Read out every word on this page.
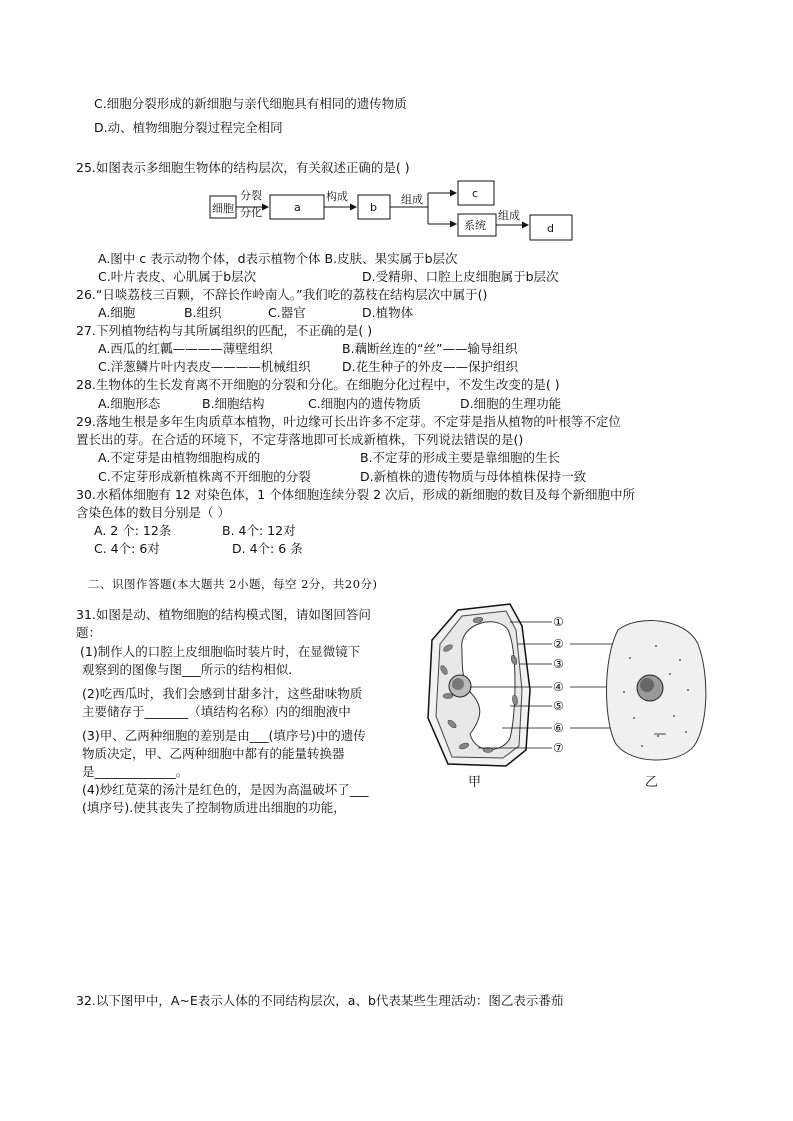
C.细胞分裂形成的新细胞与亲代细胞具有相同的遗传物质
D.动、植物细胞分裂过程完全相同
25.如图表示多细胞生物体的结构层次，有关叙述正确的是( )
细胞
分裂
分化	a
构成
b
组成	c
系统
组成
d
A.图中 c 表示动物个体，d表示植物个体 B.皮肤、果实属于b层次
C.叶片表皮、心肌属于b层次	D.受精卵、口腔上皮细胞属于b层次
26.“日啖荔枝三百颗，不辞长作岭南人。”我们吃的荔枝在结构层次中属于()
A.细胞	B.组织	C.器官	D.植物体
27.下列植物结构与其所属组织的匹配，不正确的是( )
A.西瓜的红瓤————薄壁组织	B.藕断丝连的“丝”——输导组织
C.洋葱鳞片叶内表皮————机械组织	D.花生种子的外皮——保护组织
28.生物体的生长发育离不开细胞的分裂和分化。在细胞分化过程中，不发生改变的是( )
A.细胞形态	B.细胞结构	C.细胞内的遗传物质	D.细胞的生理功能
29.落地生根是多年生肉质草本植物，叶边缘可长出许多不定芽。不定芽是指从植物的叶根等不定位
置长出的芽。在合适的环境下，不定芽落地即可长成新植株，下列说法错误的是()
A.不定芽是由植物细胞构成的	B.不定芽的形成主要是靠细胞的生长
C.不定芽形成新植株离不开细胞的分裂	D.新植株的遗传物质与母体植株保持一致
30.水稻体细胞有 12 对染色体，1 个体细胞连续分裂 2 次后，形成的新细胞的数目及每个新细胞中所
含染色体的数目分别是（ ）
A. 2 个: 12条	B. 4个: 12对
C. 4个: 6对	D. 4个: 6 条
二、识图作答题(本大题共 2小题，每空 2分，共20分)
31.如图是动、植物细胞的结构模式图，请如图回答问
题：
(1)制作人的口腔上皮细胞临时装片时，在显微镜下
观察到的图像与图___所示的结构相似.
(2)吃西瓜时，我们会感到甘甜多汁，这些甜味物质
主要储存于_______（填结构名称）内的细胞液中
(3)甲、乙两种细胞的差别是由___(填序号)中的遗传
物质决定，甲、乙两种细胞中都有的能量转换器
是_____________。
(4)炒红苋菜的汤汁是红色的，是因为高温破坏了___
(填序号).使其丧失了控制物质进出细胞的功能，
①
②
③
④
⑤
⑥
⑦
甲	乙
32.以下图甲中，A~E表示人体的不同结构层次，a、b代表某些生理活动：图乙表示番茄
